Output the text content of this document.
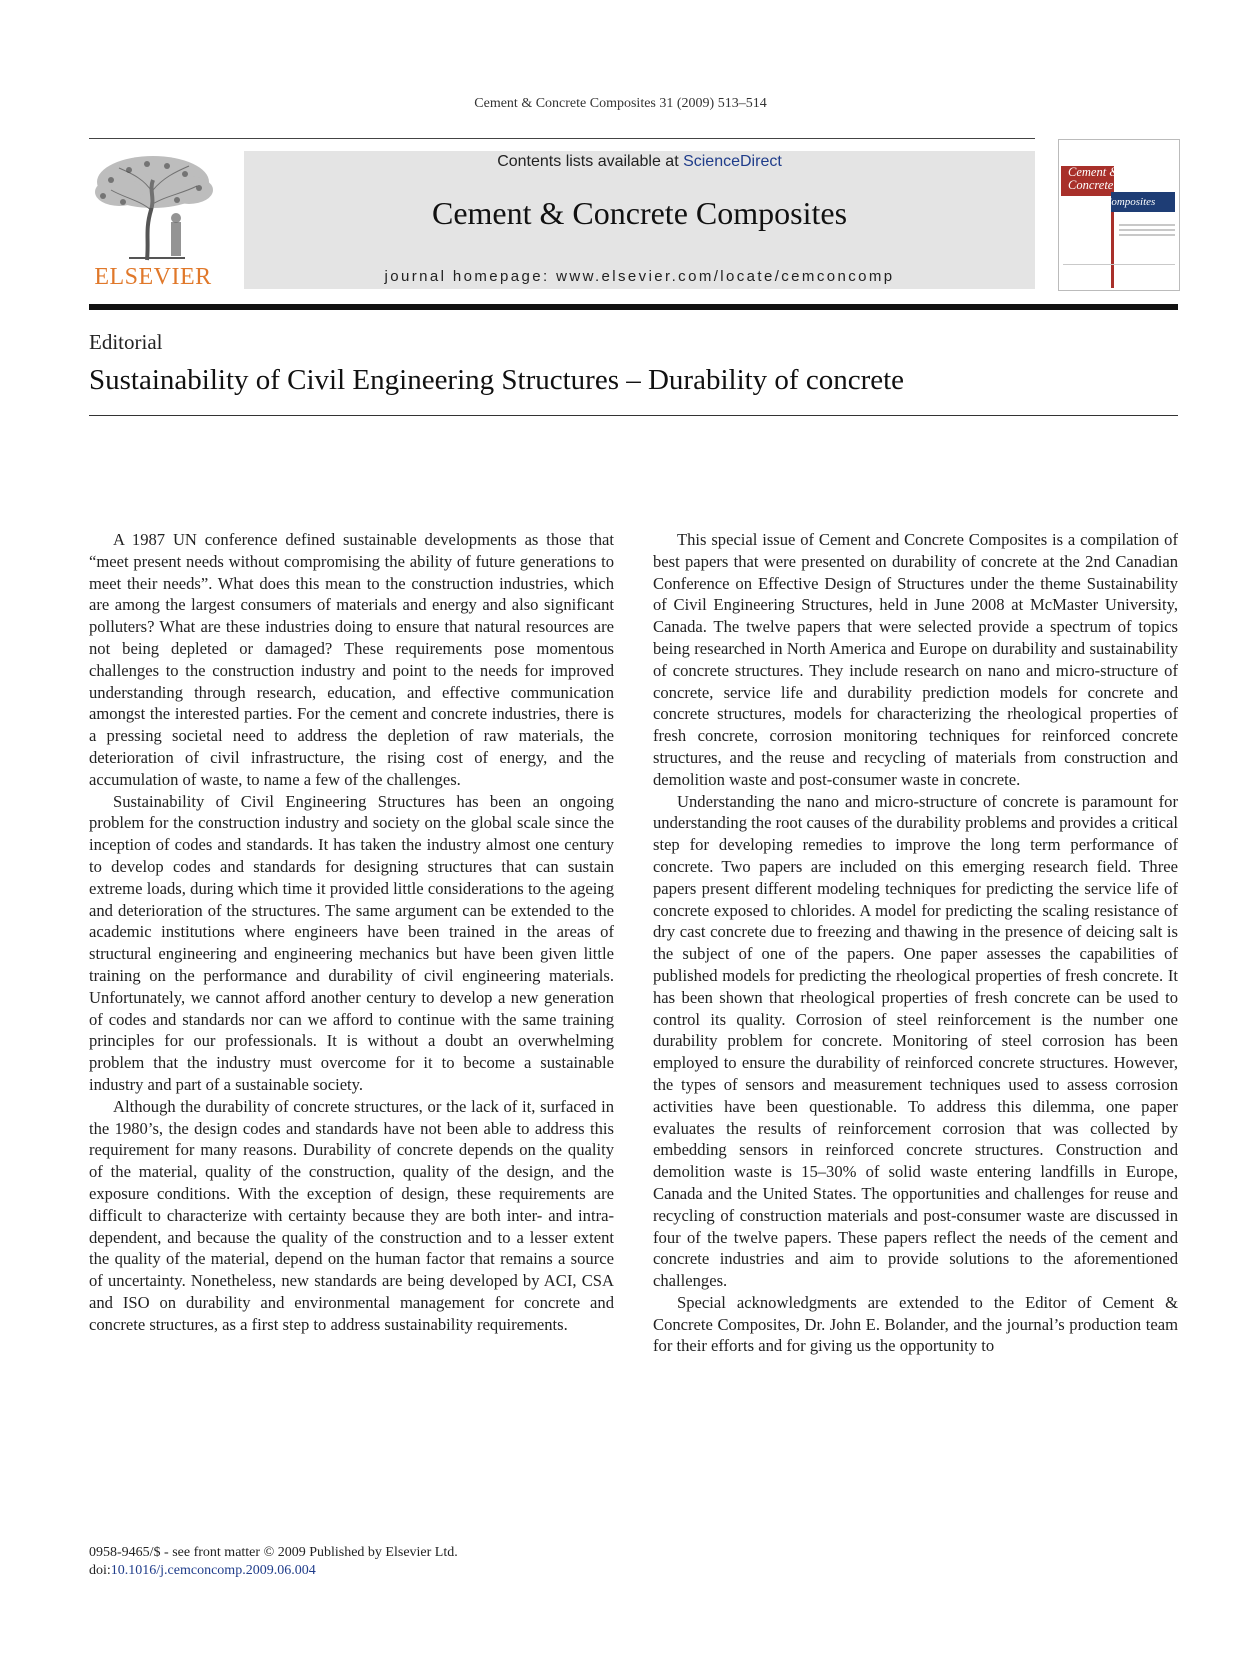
Cement & Concrete Composites 31 (2009) 513–514
ELSEVIER
Contents lists available at ScienceDirect
Cement & Concrete Composites
journal homepage: www.elsevier.com/locate/cemconcomp
Cement &
Concrete
Composites
Editorial
Sustainability of Civil Engineering Structures – Durability of concrete

A 1987 UN conference defined sustainable developments as those that “meet present needs without compromising the ability of future generations to meet their needs”. What does this mean to the construction industries, which are among the largest consumers of materials and energy and also significant polluters? What are these industries doing to ensure that natural resources are not being depleted or damaged? These requirements pose momentous challenges to the construction industry and point to the needs for improved understanding through research, education, and effective communication amongst the interested parties. For the cement and concrete industries, there is a pressing societal need to address the depletion of raw materials, the deterioration of civil infrastructure, the rising cost of energy, and the accumulation of waste, to name a few of the challenges.

Sustainability of Civil Engineering Structures has been an ongoing problem for the construction industry and society on the global scale since the inception of codes and standards. It has taken the industry almost one century to develop codes and standards for designing structures that can sustain extreme loads, during which time it provided little considerations to the ageing and deterioration of the structures. The same argument can be extended to the academic institutions where engineers have been trained in the areas of structural engineering and engineering mechanics but have been given little training on the performance and durability of civil engineering materials. Unfortunately, we cannot afford another century to develop a new generation of codes and standards nor can we afford to continue with the same training principles for our professionals. It is without a doubt an overwhelming problem that the industry must overcome for it to become a sustainable industry and part of a sustainable society.

Although the durability of concrete structures, or the lack of it, surfaced in the 1980’s, the design codes and standards have not been able to address this requirement for many reasons. Durability of concrete depends on the quality of the material, quality of the construction, quality of the design, and the exposure conditions. With the exception of design, these requirements are difficult to characterize with certainty because they are both inter- and intra-dependent, and because the quality of the construction and to a lesser extent the quality of the material, depend on the human factor that remains a source of uncertainty. Nonetheless, new standards are being developed by ACI, CSA and ISO on durability and environmental management for concrete and concrete structures, as a first step to address sustainability requirements.

This special issue of Cement and Concrete Composites is a compilation of best papers that were presented on durability of concrete at the 2nd Canadian Conference on Effective Design of Structures under the theme Sustainability of Civil Engineering Structures, held in June 2008 at McMaster University, Canada. The twelve papers that were selected provide a spectrum of topics being researched in North America and Europe on durability and sustainability of concrete structures. They include research on nano and micro-structure of concrete, service life and durability prediction models for concrete and concrete structures, models for characterizing the rheological properties of fresh concrete, corrosion monitoring techniques for reinforced concrete structures, and the reuse and recycling of materials from construction and demolition waste and post-consumer waste in concrete.

Understanding the nano and micro-structure of concrete is paramount for understanding the root causes of the durability problems and provides a critical step for developing remedies to improve the long term performance of concrete. Two papers are included on this emerging research field. Three papers present different modeling techniques for predicting the service life of concrete exposed to chlorides. A model for predicting the scaling resistance of dry cast concrete due to freezing and thawing in the presence of deicing salt is the subject of one of the papers. One paper assesses the capabilities of published models for predicting the rheological properties of fresh concrete. It has been shown that rheological properties of fresh concrete can be used to control its quality. Corrosion of steel reinforcement is the number one durability problem for concrete. Monitoring of steel corrosion has been employed to ensure the durability of reinforced concrete structures. However, the types of sensors and measurement techniques used to assess corrosion activities have been questionable. To address this dilemma, one paper evaluates the results of reinforcement corrosion that was collected by embedding sensors in reinforced concrete structures. Construction and demolition waste is 15–30% of solid waste entering landfills in Europe, Canada and the United States. The opportunities and challenges for reuse and recycling of construction materials and post-consumer waste are discussed in four of the twelve papers. These papers reflect the needs of the cement and concrete industries and aim to provide solutions to the aforementioned challenges.

Special acknowledgments are extended to the Editor of Cement & Concrete Composites, Dr. John E. Bolander, and the journal’s production team for their efforts and for giving us the opportunity to

0958-9465/$ - see front matter © 2009 Published by Elsevier Ltd.
doi:10.1016/j.cemconcomp.2009.06.004
